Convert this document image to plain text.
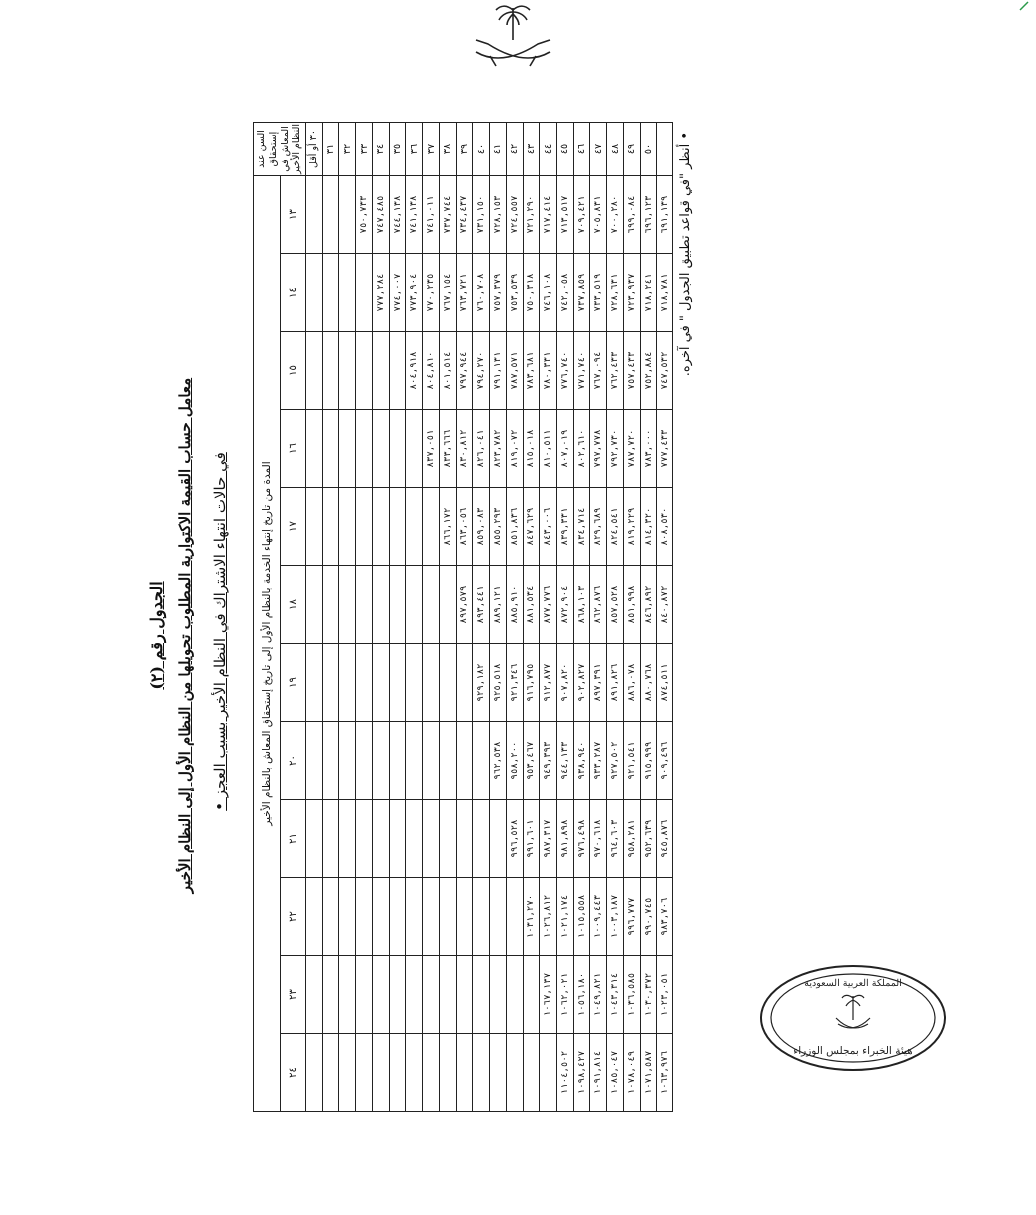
المملكة العربية السعودية
هيئة الخبراء بمجلس الوزراء
الجدول رقم (٢) معامل حساب القيمة الاكتوارية المطلوب تحويلها من النظام الأول إلى النظام الأخير في حالات انتهاء الاشتراك في النظام الأخير بسبب العجز •
السن عند إستحقاق المعاش في النظام الأخير	المدة من تاريخ إنتهاء الخدمة بالنظام الأول إلى تاريخ إستحقاق المعاش بالنظام الأخير											
	١٣	١٤	١٥	١٦	١٧	١٨	١٩	٢٠	٢١	٢٢	٢٣	٢٤
٣٠ أو أقل												
٣١												
٣٢												
٣٣	٧٥٠,٧٣٣											
٣٤	٧٤٧,٤٨٥	٧٧٧,٢٨٤										
٣٥	٧٤٤,١٣٨	٧٧٤,٠٠٧										
٣٦	٧٤١,١٣٨	٧٧٣,٩٠٤	٨٠٤,٩١٨									
٣٧	٧٤١,٠١١	٧٧٠,٢٣٥	٨٠٤,٨١٠	٨٣٧,٠٥١								
٣٨	٧٣٧,٧٤٤	٧٦٧,١٥٤	٨٠١,٥١٤	٨٣٣,٦٦٦	٨٦٦,١٧٢							
٣٩	٧٣٤,٤٣٧	٧٦٣,٧٢١	٧٩٧,٩٤٤	٨٣٠,٨١٢	٨٦٣,٠٥٦	٨٩٧,٥٧٩						
٤٠	٧٣١,١٥٠	٧٦٠,٧٠٨	٧٩٤,٢٧٠	٨٢٦,٠٤١	٨٥٩,٠٨٣	٨٩٣,٤٤١	٩٢٩,١٨٢					
٤١	٧٢٨,١٥٣	٧٥٧,٣٧٩	٧٩١,١٣١	٨٢٣,٧٨٢	٨٥٥,٢٩٣	٨٨٩,١٢١	٩٢٥,٥١٨	٩٦٢,٥٣٨				
٤٢	٧٢٤,٥٥٧	٧٥٣,٥٣٩	٧٨٧,٥٧١	٨١٩,٠٧٢	٨٥١,٨٣٦	٨٨٥,٩١٠	٩٢١,٣٤٦	٩٥٨,٢٠٠	٩٩٦,٥٢٨			
٤٣	٧٢١,٢٩٠	٧٥٠,٣١٨	٧٨٣,٦٨١	٨١٥,٠١٨	٨٤٧,٦٢٩	٨٨١,٥٣٤	٩١٦,٧٩٥	٩٥٣,٤٦٧	٩٩١,٦٠١	١٠٣١,٢٧٠		
٤٤	٧١٧,٤١٤	٧٤٦,١٠٨	٧٨٠,٣٣١	٨١٠,٥١١	٨٤٣,٠٠٦	٨٧٧,٧٧٦	٩١٢,٨٧٧	٩٤٩,٣٩٣	٩٨٧,٣١٧	١٠٢٦,٨١٢	١٠٦٧,١٣٧	
٤٥	٧١٣,٥١٧	٧٤٢,٠٥٨	٧٧٦,٧٤٠	٨٠٧,٠١٩	٨٣٩,٣٣١	٨٧٢,٩٠٤	٩٠٧,٨٢٠	٩٤٤,١٣٣	٩٨١,٨٩٨	١٠٢١,١٧٤	١٠٦٢,٠٢١	١١٠٤,٥٠٢
٤٦	٧٠٩,٤٢١	٧٣٧,٨٥٩	٧٧١,٧٤٠	٨٠٢,٦١٠	٨٣٤,٧١٤	٨٦٨,١٠٣	٩٠٢,٨٢٧	٩٣٨,٩٤٠	٩٧٦,٤٩٨	١٠١٥,٥٥٨	١٠٥٦,١٨٠	١٠٩٨,٤٢٧
٤٧	٧٠٥,٨٣١	٧٣٣,٥١٩	٧٦٧,٠٩٤	٧٩٧,٧٧٨	٨٢٩,٦٨٩	٨٦٢,٨٧٦	٨٩٧,٣٩١	٩٣٣,٢٨٧	٩٧٠,٦١٨	١٠٠٩,٤٤٣	١٠٤٩,٨٢١	١٠٩١,٨١٤
٤٨	٧٠٠,٢٨٠	٧٢٨,٦٣١	٧٦٢,٤٣٣	٧٩٢,٧٣٠	٨٢٤,٥٤١	٨٥٧,٥٢٨	٨٩١,٨٢٦	٩٢٧,٥٠٢	٩٦٤,٦٠٣	١٠٠٣,١٨٧	١٠٤٣,٣١٤	١٠٨٥,٠٤٧
٤٩	٦٩٩,٠٨٤	٧٢٣,٩٣٧	٧٥٧,٤٣٣	٧٨٧,٧٢٠	٨١٩,٢٢٩	٨٥١,٩٩٨	٨٨٦,٠٧٨	٩٢١,٥٤١	٩٥٨,٢٨١	٩٩٦,٧٧٧	١٠٣٦,٥٨٥	١٠٧٨,٠٤٩
٥٠	٦٩٦,١٢٣	٧١٨,٢٤١	٧٥٢,٨٨٤	٧٨٣,٠٠٠	٨١٤,٣٢٠	٨٤٦,٨٩٢	٨٨٠,٧٦٨	٩١٥,٩٩٩	٩٥٢,٦٣٩	٩٩٠,٧٤٥	١٠٣٠,٣٧٢	١٠٧١,٥٨٧
	٦٩١,١٣٩	٧١٨,٧٨١	٧٤٧,٥٣٢	٧٧٧,٤٣٣	٨٠٨,٥٣٠	٨٤٠,٨٧٢	٨٧٤,٥١١	٩٠٩,٤٩٦	٩٤٥,٨٧٦	٩٨٣,٧٠٦	١٠٢٣,٠٥١	١٠٦٣,٩٧٦
• أنظر "في قواعد تطبيق الجدول " في آخره.
